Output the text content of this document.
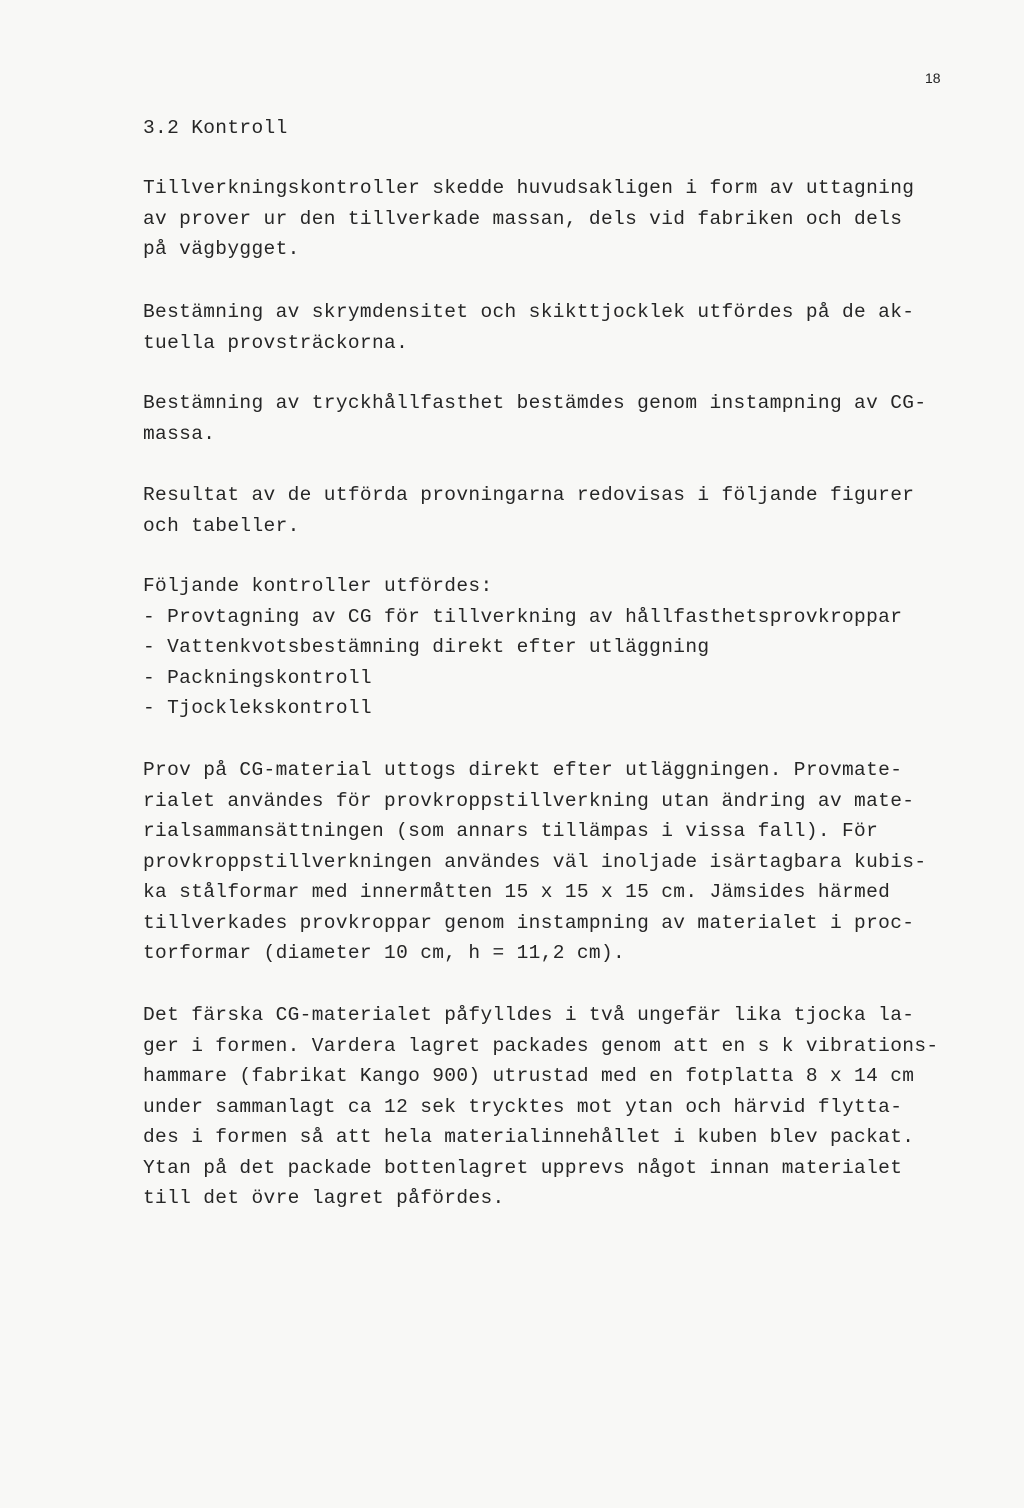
18
3.2 Kontroll
Tillverkningskontroller skedde huvudsakligen i form av uttagning
av prover ur den tillverkade massan, dels vid fabriken och dels
på vägbygget.
Bestämning av skrymdensitet och skikttjocklek utfördes på de ak-
tuella provsträckorna.
Bestämning av tryckhållfasthet bestämdes genom instampning av CG-
massa.
Resultat av de utförda provningarna redovisas i följande figurer
och tabeller.
Följande kontroller utfördes:
- Provtagning av CG för tillverkning av hållfasthetsprovkroppar
- Vattenkvotsbestämning direkt efter utläggning
- Packningskontroll
- Tjocklekskontroll
Prov på CG-material uttogs direkt efter utläggningen. Provmate-
rialet användes för provkroppstillverkning utan ändring av mate-
rialsammansättningen (som annars tillämpas i vissa fall). För
provkroppstillverkningen användes väl inoljade isärtagbara kubis-
ka stålformar med innermåtten 15 x 15 x 15 cm. Jämsides härmed
tillverkades provkroppar genom instampning av materialet i proc-
torformar (diameter 10 cm, h = 11,2 cm).
Det färska CG-materialet påfylldes i två ungefär lika tjocka la-
ger i formen. Vardera lagret packades genom att en s k vibrations-
hammare (fabrikat Kango 900) utrustad med en fotplatta 8 x 14 cm
under sammanlagt ca 12 sek trycktes mot ytan och härvid flytta-
des i formen så att hela materialinnehållet i kuben blev packat.
Ytan på det packade bottenlagret upprevs något innan materialet
till det övre lagret påfördes.
